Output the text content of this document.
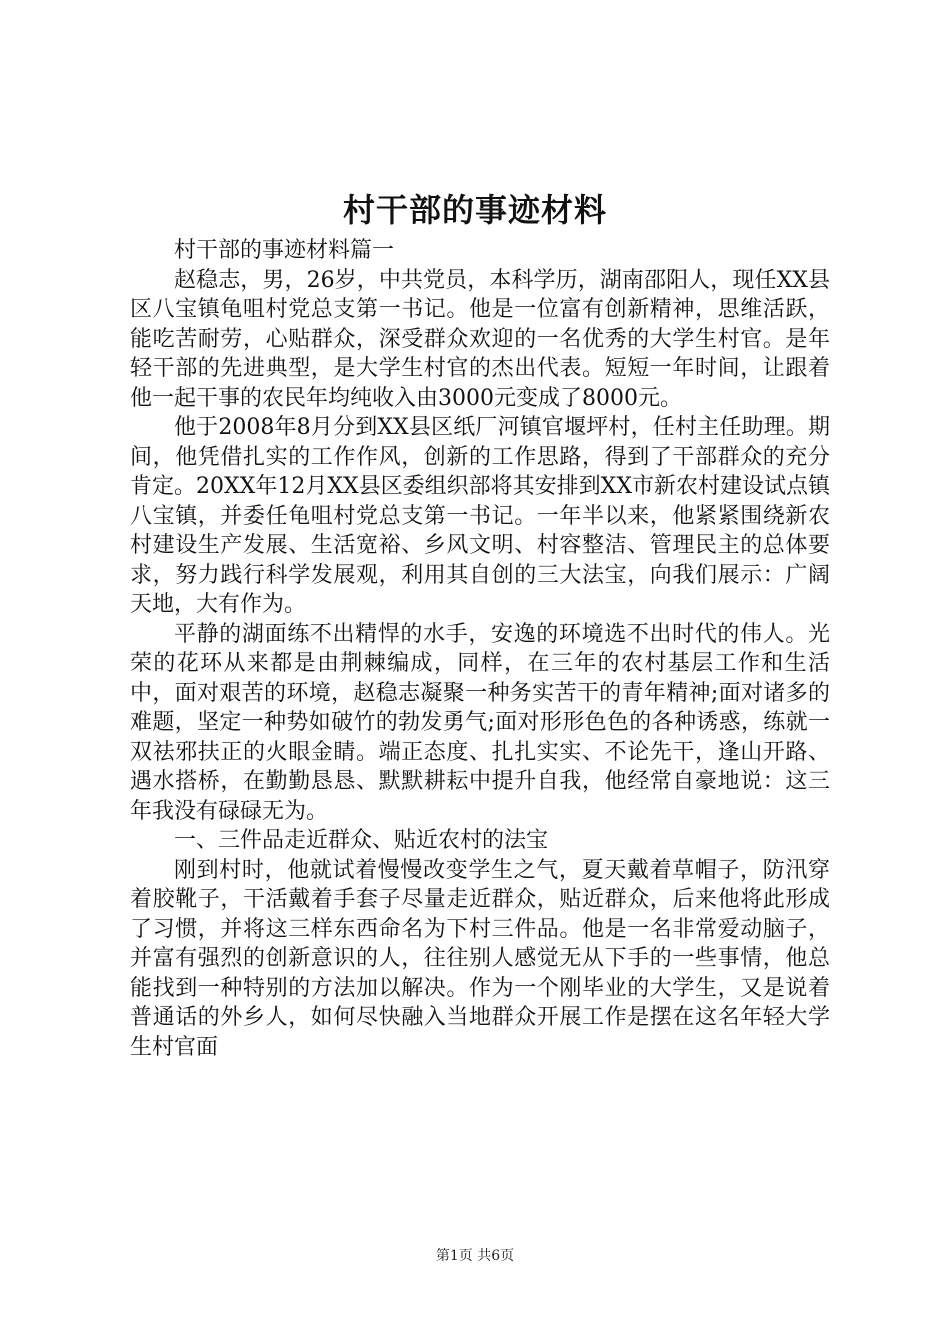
村干部的事迹材料

村干部的事迹材料篇一

赵稳志，男，26岁，中共党员，本科学历，湖南邵阳人，现任XX县区八宝镇龟咀村党总支第一书记。他是一位富有创新精神，思维活跃，能吃苦耐劳，心贴群众，深受群众欢迎的一名优秀的大学生村官。是年轻干部的先进典型，是大学生村官的杰出代表。短短一年时间，让跟着他一起干事的农民年均纯收入由3000元变成了8000元。

他于2008年8月分到XX县区纸厂河镇官堰坪村，任村主任助理。期间，他凭借扎实的工作作风，创新的工作思路，得到了干部群众的充分肯定。20XX年12月XX县区委组织部将其安排到XX市新农村建设试点镇八宝镇，并委任龟咀村党总支第一书记。一年半以来，他紧紧围绕新农村建设生产发展、生活宽裕、乡风文明、村容整洁、管理民主的总体要求，努力践行科学发展观，利用其自创的三大法宝，向我们展示：广阔天地，大有作为。

平静的湖面练不出精悍的水手，安逸的环境选不出时代的伟人。光荣的花环从来都是由荆棘编成，同样，在三年的农村基层工作和生活中，面对艰苦的环境，赵稳志凝聚一种务实苦干的青年精神;面对诸多的难题，坚定一种势如破竹的勃发勇气;面对形形色色的各种诱惑，练就一双祛邪扶正的火眼金睛。端正态度、扎扎实实、不论先干，逢山开路、遇水搭桥，在勤勤恳恳、默默耕耘中提升自我，他经常自豪地说：这三年我没有碌碌无为。

一、三件品走近群众、贴近农村的法宝

刚到村时，他就试着慢慢改变学生之气，夏天戴着草帽子，防汛穿着胶靴子，干活戴着手套子尽量走近群众，贴近群众，后来他将此形成了习惯，并将这三样东西命名为下村三件品。他是一名非常爱动脑子，并富有强烈的创新意识的人，往往别人感觉无从下手的一些事情，他总能找到一种特别的方法加以解决。作为一个刚毕业的大学生，又是说着普通话的外乡人，如何尽快融入当地群众开展工作是摆在这名年轻大学生村官面

第1页 共6页
